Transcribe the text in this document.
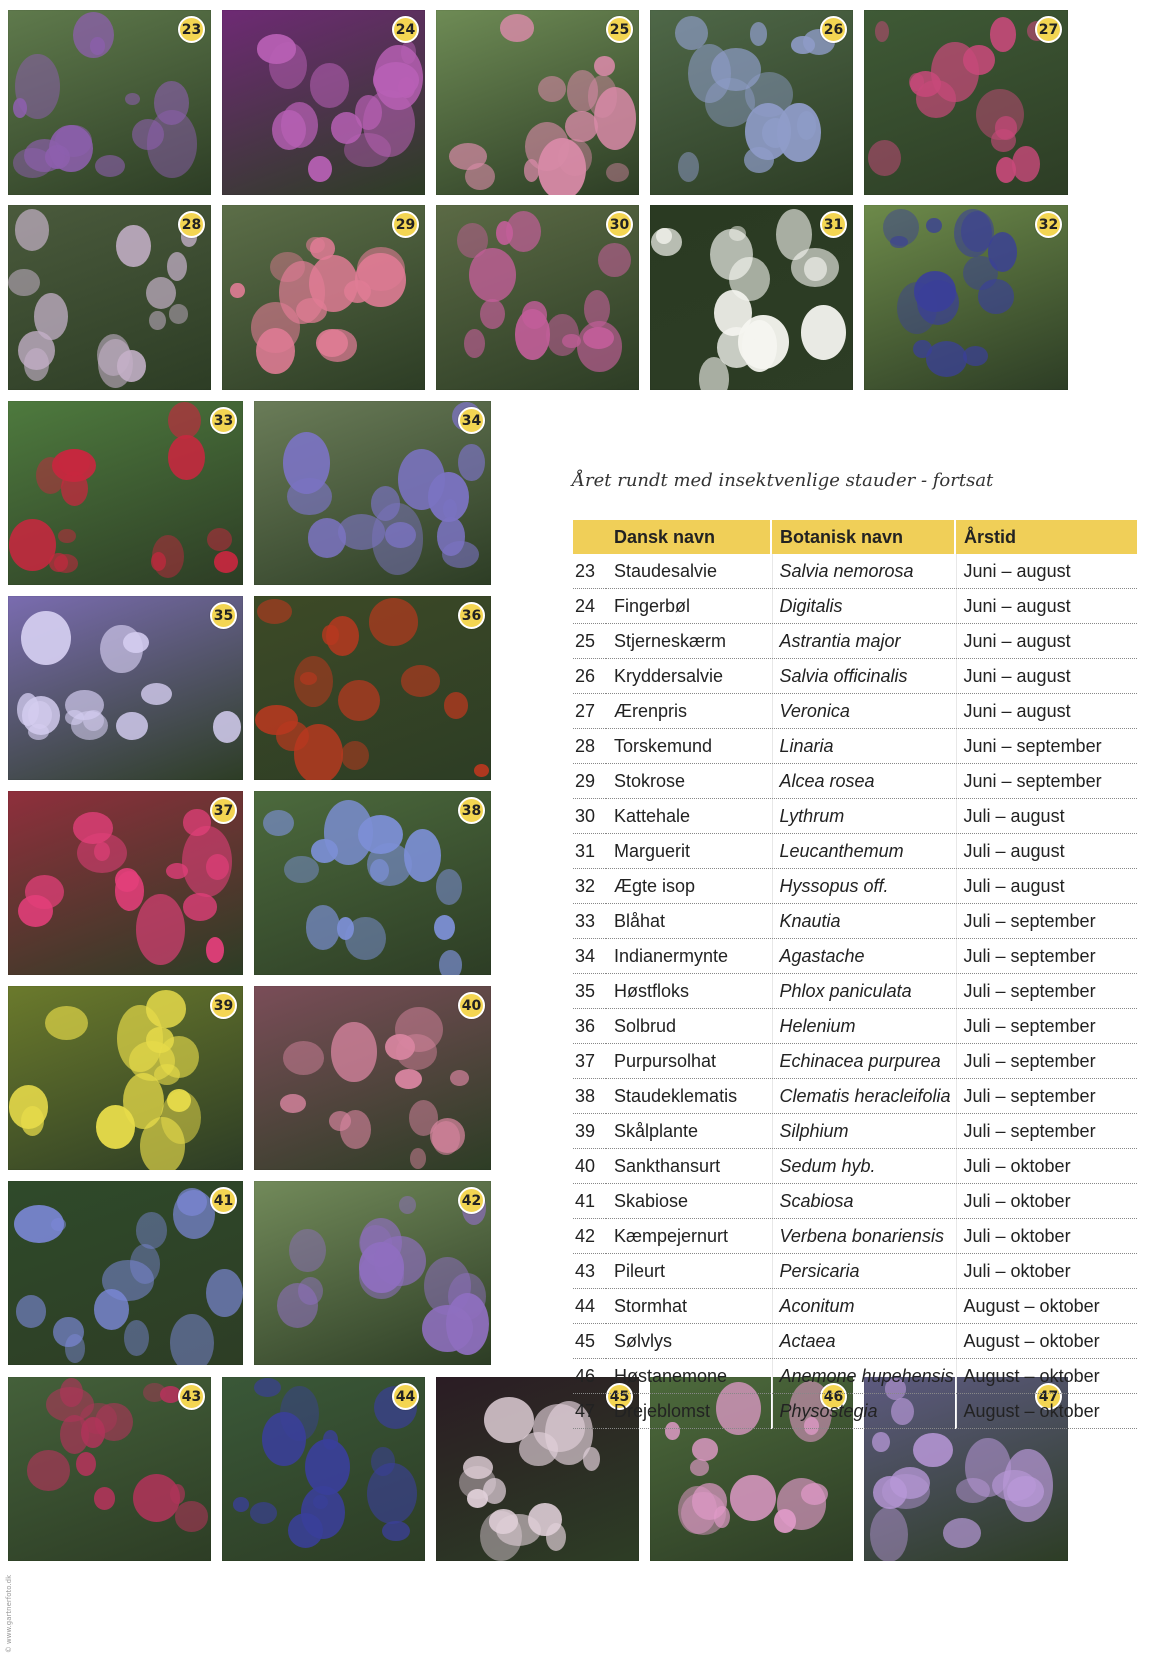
23	24	25	26	27
28	29	30	31	32
33	34
35	36
37	38
39	40
41	42
43	44	45	46	47
© www.gartnerfoto.dk
Året rundt med insektvenlige stauder - fortsat
	Dansk navn	Botanisk navn	Årstid
23	Staudesalvie	Salvia nemorosa	Juni – august
24	Fingerbøl	Digitalis	Juni – august
25	Stjerneskærm	Astrantia major	Juni – august
26	Kryddersalvie	Salvia officinalis	Juni – august
27	Ærenpris	Veronica	Juni – august
28	Torskemund	Linaria	Juni – september
29	Stokrose	Alcea rosea	Juni – september
30	Kattehale	Lythrum	Juli – august
31	Marguerit	Leucanthemum	Juli – august
32	Ægte isop	Hyssopus off.	Juli – august
33	Blåhat	Knautia	Juli – september
34	Indianermynte	Agastache	Juli – september
35	Høstfloks	Phlox paniculata	Juli – september
36	Solbrud	Helenium	Juli – september
37	Purpursolhat	Echinacea purpurea	Juli – september
38	Staudeklematis	Clematis heracleifolia	Juli – september
39	Skålplante	Silphium	Juli – september
40	Sankthansurt	Sedum hyb.	Juli – oktober
41	Skabiose	Scabiosa	Juli – oktober
42	Kæmpejernurt	Verbena bonariensis	Juli – oktober
43	Pileurt	Persicaria	Juli – oktober
44	Stormhat	Aconitum	August – oktober
45	Sølvlys	Actaea	August – oktober
46	Høstanemone	Anemone hupehensis	August – oktober
47	Drejeblomst	Physostegia	August – oktober
